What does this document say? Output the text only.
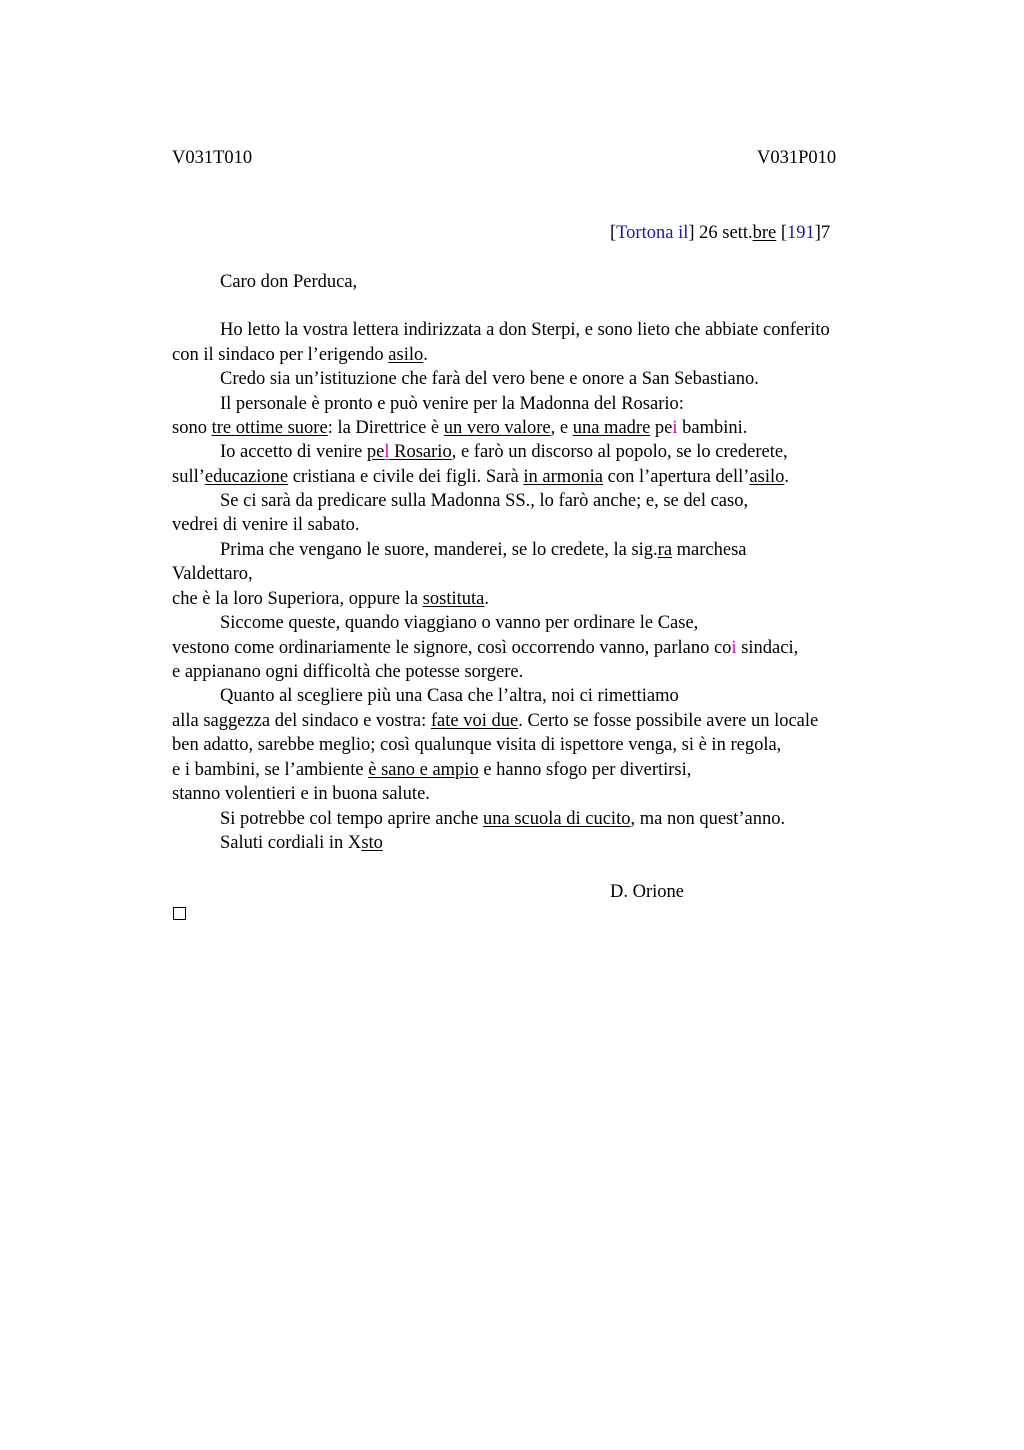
V031T010	V031P010
[Tortona il] 26 sett.bre [191]7
Caro don Perduca,
Ho letto la vostra lettera indirizzata a don Sterpi, e sono lieto che abbiate conferito
con il sindaco per l’erigendo asilo.
Credo sia un’istituzione che farà del vero bene e onore a San Sebastiano.
Il personale è pronto e può venire per la Madonna del Rosario:
sono tre ottime suore: la Direttrice è un vero valore, e una madre pei bambini.
Io accetto di venire pel Rosario, e farò un discorso al popolo, se lo crederete,
sull’educazione cristiana e civile dei figli. Sarà in armonia con l’apertura dell’asilo.
Se ci sarà da predicare sulla Madonna SS., lo farò anche; e, se del caso,
vedrei di venire il sabato.
Prima che vengano le suore, manderei, se lo credete, la sig.ra marchesa
Valdettaro,
che è la loro Superiora, oppure la sostituta.
Siccome queste, quando viaggiano o vanno per ordinare le Case,
vestono come ordinariamente le signore, così occorrendo vanno, parlano coi sindaci,
e appianano ogni difficoltà che potesse sorgere.
Quanto al scegliere più una Casa che l’altra, noi ci rimettiamo
alla saggezza del sindaco e vostra: fate voi due. Certo se fosse possibile avere un locale
ben adatto, sarebbe meglio; così qualunque visita di ispettore venga, si è in regola,
e i bambini, se l’ambiente è sano e ampio e hanno sfogo per divertirsi,
stanno volentieri e in buona salute.
Si potrebbe col tempo aprire anche una scuola di cucito, ma non quest’anno.
Saluti cordiali in Xsto
D. Orione
